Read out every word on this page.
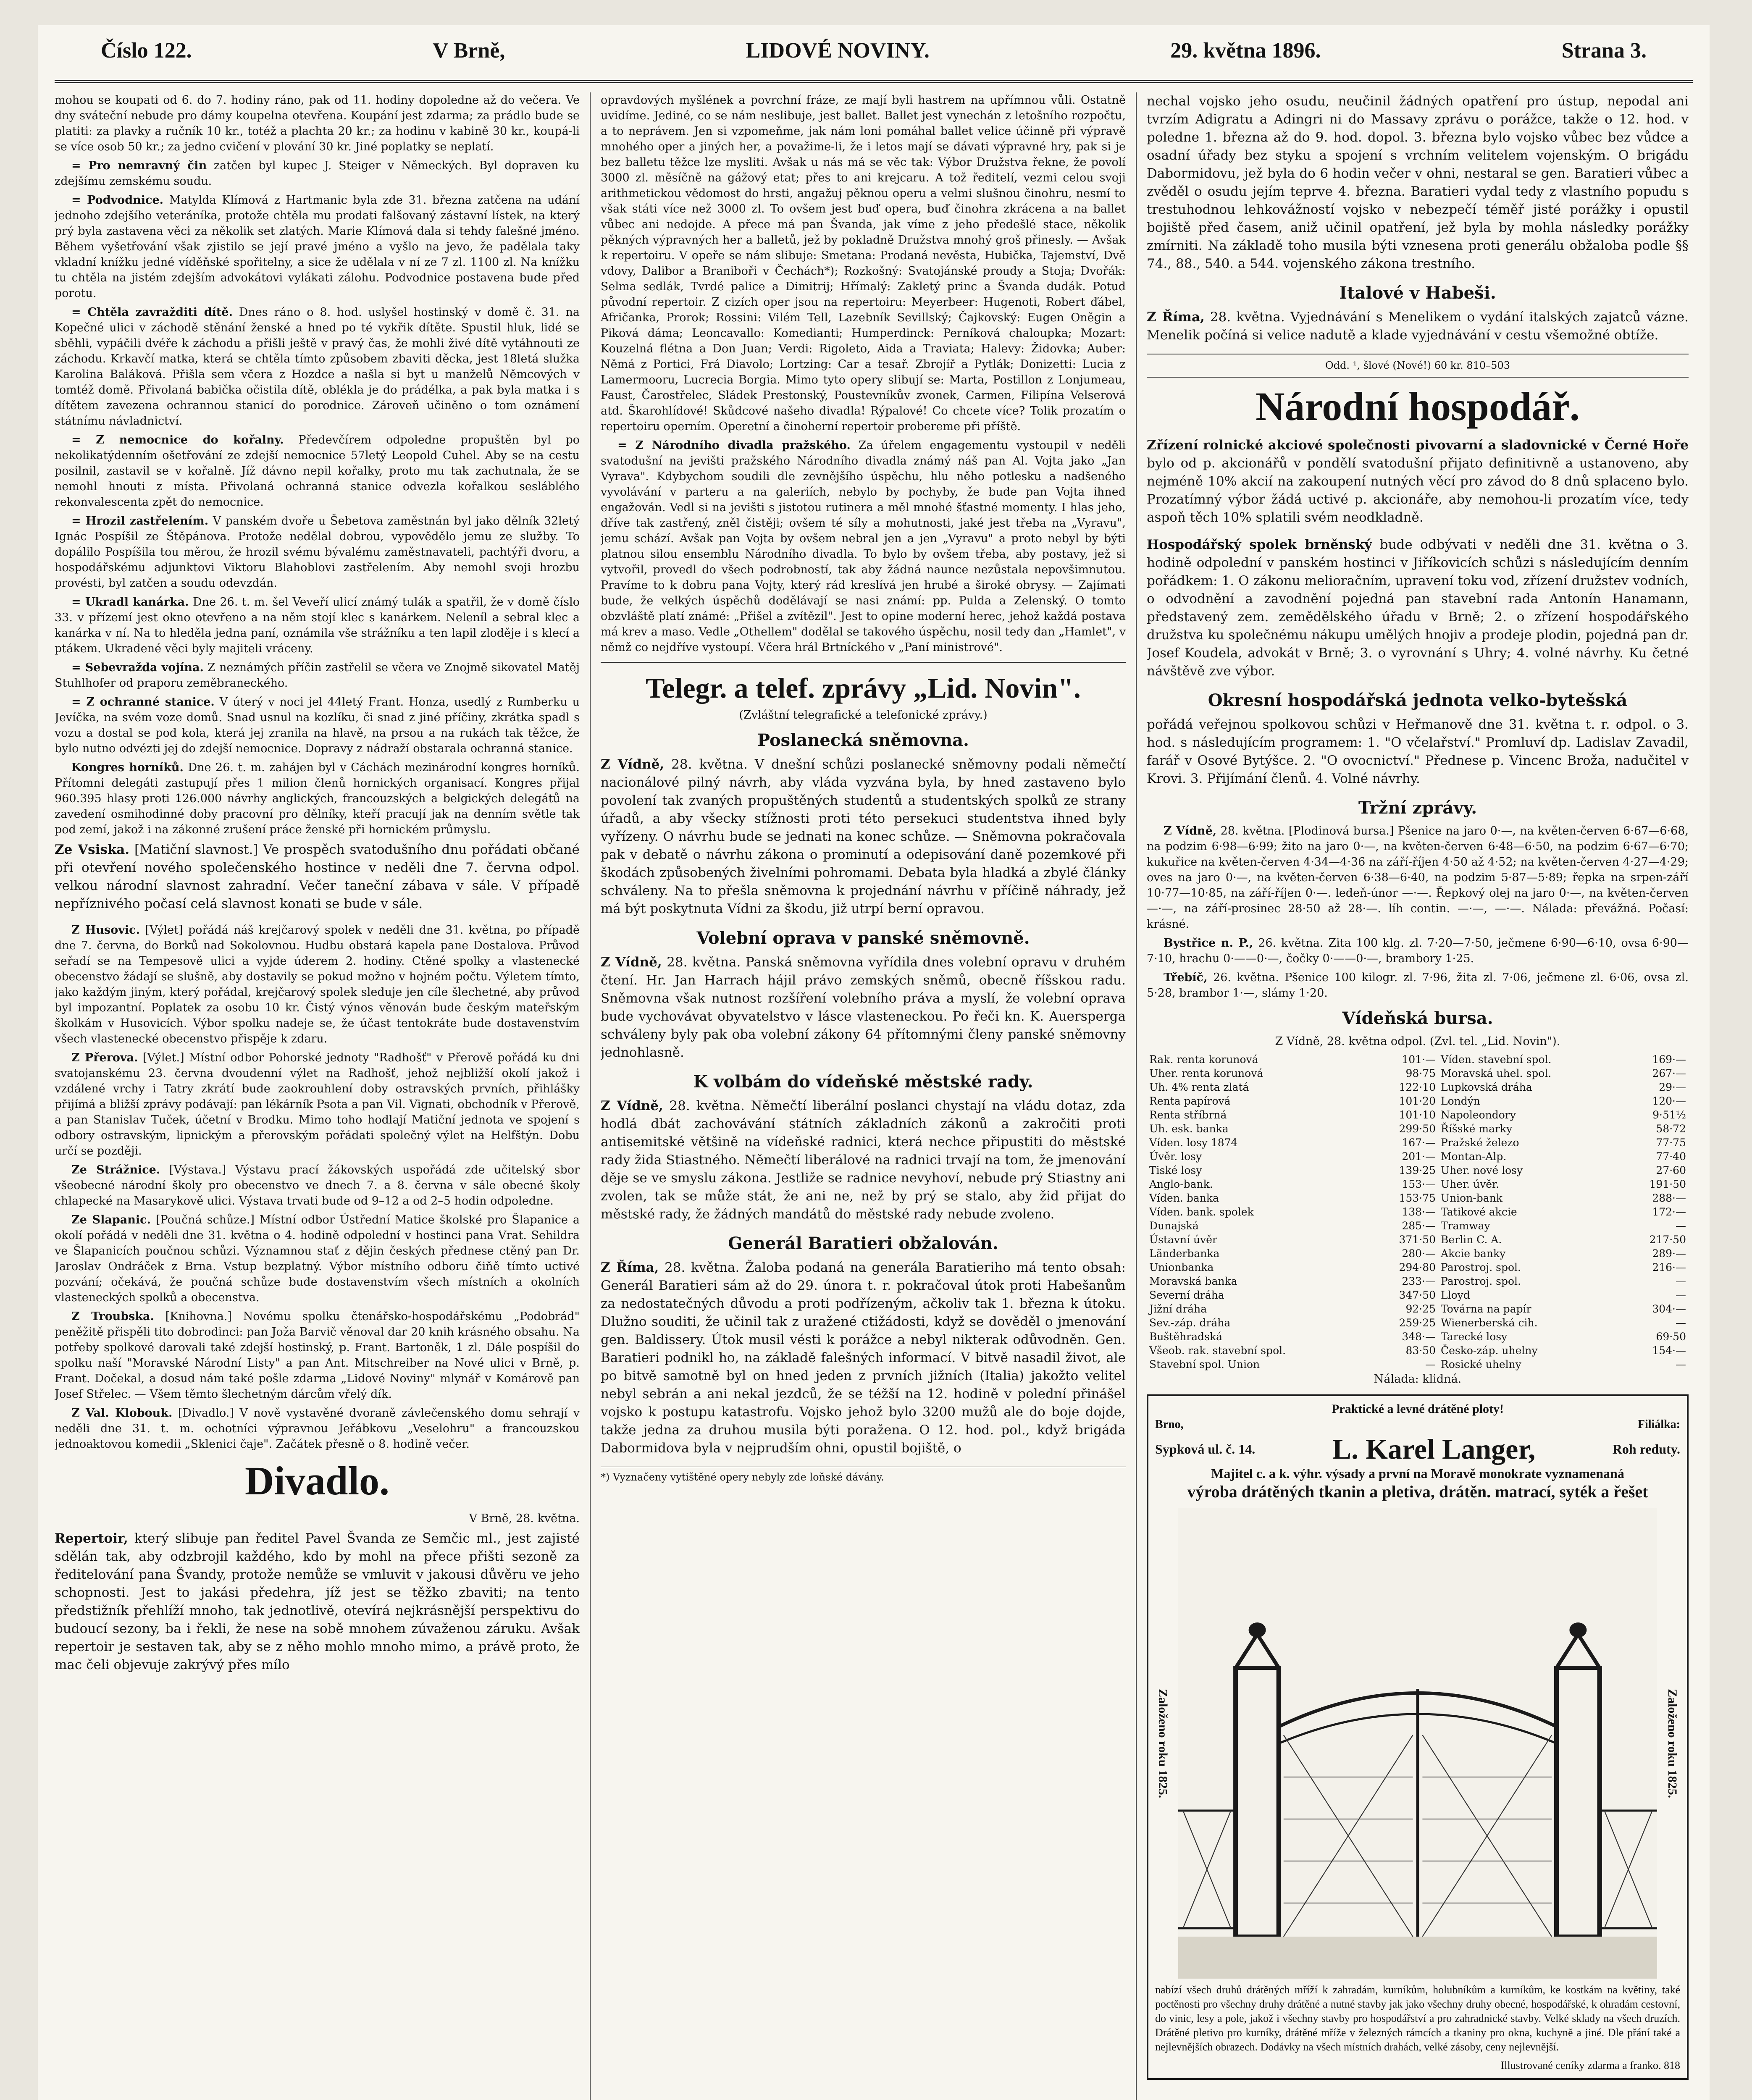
Číslo 122.	V Brně,	LIDOVÉ NOVINY.	29. května 1896.	Strana 3.

mohou se koupati od 6. do 7. hodiny ráno, pak od 11. hodiny dopoledne až do večera. Ve dny sváteční nebude pro dámy koupelna otevřena. Koupání jest zdarma; za prádlo bude se platiti: za plavky a ručník 10 kr., totéž a plachta 20 kr.; za hodinu v kabině 30 kr., koupá-li se více osob 50 kr.; za jedno cvičení v plování 30 kr. Jiné poplatky se neplatí.

= Pro nemravný čin zatčen byl kupec J. Steiger v Německých. Byl dopraven ku zdejšímu zemskému soudu.

= Podvodnice. Matylda Klímová z Hartmanic byla zde 31. března zatčena na udání jednoho zdejšího veteráníka, protože chtěla mu prodati falšovaný zástavní lístek, na který prý byla zastavena věci za několik set zlatých. Marie Klímová dala si tehdy falešné jméno. Během vyšetřování však zjistilo se její pravé jméno a vyšlo na jevo, že padělala taky vkladní knížku jedné víděňské spořitelny, a sice že udělala v ní ze 7 zl. 1100 zl. Na knížku tu chtěla na jistém zdejším advokátovi vylákati zálohu. Podvodnice postavena bude před porotu.

= Chtěla zavražditi dítě. Dnes ráno o 8. hod. uslyšel hostinský v domě č. 31. na Kopečné ulici v záchodě stěnání ženské a hned po té vykřik dítěte. Spustil hluk, lidé se sběhli, vypáčili dvéře k záchodu a přišli ještě v pravý čas, že mohli živé dítě vytáhnouti ze záchodu. Krkavčí matka, která se chtěla tímto způsobem zbaviti děcka, jest 18letá služka Karolina Baláková. Přišla sem včera z Hozdce a našla si byt u manželů Němcových v tomtéž domě. Přivolaná babička očistila dítě, oblékla je do prádélka, a pak byla matka i s dítětem zavezena ochrannou stanicí do porodnice. Zároveň učiněno o tom oznámení státnímu návladnictví.

= Z nemocnice do kořalny. Předevčírem odpoledne propuštěn byl po nekolikatýdenním ošetřování ze zdejší nemocnice 57letý Leopold Cuhel. Aby se na cestu posilnil, zastavil se v kořalně. Jíž dávno nepil kořalky, proto mu tak zachutnala, že se nemohl hnouti z místa. Přivolaná ochranná stanice odvezla kořalkou sesláblého rekonvalescenta zpět do nemocnice.

= Hrozil zastřelením. V panském dvoře u Šebetova zaměstnán byl jako dělník 32letý Ignác Pospíšil ze Štěpánova. Protože nedělal dobrou, vypovědělo jemu ze služby. To dopálilo Pospíšila tou měrou, že hrozil svému bývalému zaměstnavateli, pachtýři dvoru, a hospodářskému adjunktovi Viktoru Blahoblovi zastřelením. Aby nemohl svoji hrozbu provésti, byl zatčen a soudu odevzdán.

= Ukradl kanárka. Dne 26. t. m. šel Veveří ulicí známý tulák a spatřil, že v domě číslo 33. v přízemí jest okno otevřeno a na něm stojí klec s kanárkem. Neleníl a sebral klec a kanárka v ní. Na to hleděla jedna paní, oznámila vše strážníku a ten lapil zloděje i s klecí a ptákem. Ukradené věci byly majiteli vráceny.

= Sebevražda vojína. Z neznámých příčin zastřelil se včera ve Znojmě sikovatel Matěj Stuhlhofer od praporu zeměbraneckého.

= Z ochranné stanice. V úterý v noci jel 44letý Frant. Honza, usedlý z Rumberku u Jevíčka, na svém voze domů. Snad usnul na kozlíku, či snad z jiné příčiny, zkrátka spadl s vozu a dostal se pod kola, která jej zranila na hlavě, na prsou a na rukách tak těžce, že bylo nutno odvézti jej do zdejší nemocnice. Dopravy z nádraží obstarala ochranná stanice.

Kongres horníků. Dne 26. t. m. zahájen byl v Cáchách mezinárodní kongres horníků. Přítomni delegáti zastupují přes 1 milion členů hornických organisací. Kongres přijal 960.395 hlasy proti 126.000 návrhy anglických, francouzských a belgických delegátů na zavedení osmihodinné doby pracovní pro dělníky, kteří pracují jak na denním světle tak pod zemí, jakož i na zákonné zrušení práce ženské při hornickém průmyslu.

Ze Vsiska. [Matiční slavnost.] Ve prospěch svatodušního dnu pořádati občané při otevření nového společenského hostince v neděli dne 7. června odpol. velkou národní slavnost zahradní. Večer taneční zábava v sále. V případě nepříznivého počasí celá slavnost konati se bude v sále.

Z Husovic. [Výlet] pořádá náš krejčarový spolek v neděli dne 31. května, po případě dne 7. června, do Borků nad Sokolovnou. Hudbu obstará kapela pane Dostalova. Průvod seřadí se na Tempesově ulici a vyjde úderem 2. hodiny. Ctěné spolky a vlastenecké obecenstvo žádají se slušně, aby dostavily se pokud možno v hojném počtu. Výletem tímto, jako každým jiným, který pořádal, krejčarový spolek sleduje jen cíle šlechetné, aby průvod byl impozantní. Poplatek za osobu 10 kr. Čistý výnos věnován bude českým mateřským školkám v Husovicích. Výbor spolku nadeje se, že účast tentokráte bude dostavenstvím všech vlastenecké obecenstvo přispěje k zdaru.

Z Přerova. [Výlet.] Místní odbor Pohorské jednoty "Radhošť" v Přerově pořádá ku dni svatojanskému 23. června dvoudenní výlet na Radhošť, jehož nejbližší okolí jakož i vzdálené vrchy i Tatry zkrátí bude zaokrouhlení doby ostravských prvních, přihlášky přijímá a bližší zprávy podávají: pan lékárník Psota a pan Vil. Vignati, obchodník v Přerově, a pan Stanislav Tuček, účetní v Brodku. Mimo toho hodlají Matiční jednota ve spojení s odbory ostravským, lipnickým a přerovským pořádati společný výlet na Helfštýn. Dobu určí se později.

Ze Strážnice. [Výstava.] Výstavu prací žákovských uspořádá zde učitelský sbor všeobecné národní školy pro obecenstvo ve dnech 7. a 8. června v sále obecné školy chlapecké na Masarykově ulici. Výstava trvati bude od 9–12 a od 2–5 hodin odpoledne.

Ze Slapanic. [Poučná schůze.] Místní odbor Ústřední Matice školské pro Šlapanice a okolí pořádá v neděli dne 31. května o 4. hodině odpolední v hostinci pana Vrat. Sehildra ve Šlapanicích poučnou schůzi. Významnou stať z dějin českých přednese ctěný pan Dr. Jaroslav Ondráček z Brna. Vstup bezplatný. Výbor místního odboru čiňě tímto uctivé pozvání; očekává, že poučná schůze bude dostavenstvím všech místních a okolních vlasteneckých spolků a obecenstva.

Z Troubska. [Knihovna.] Novému spolku čtenářsko-hospodářskému „Podobrád" peněžitě přispěli tito dobrodinci: pan Joža Barvič věnoval dar 20 knih krásného obsahu. Na potřeby spolkové darovali také zdejší hostinský, p. Frant. Bartoněk, 1 zl. Dále pospíšil do spolku naší "Moravské Národní Listy" a pan Ant. Mitschreiber na Nové ulici v Brně, p. Frant. Dočekal, a dosud nám také pošle zdarma „Lidové Noviny" mlynář v Komárově pan Josef Střelec. — Všem těmto šlechetným dárcům vřelý dík.

Z Val. Klobouk. [Divadlo.] V nově vystavěné dvoraně závlečenského domu sehrají v neděli dne 31. t. m. ochotníci výpravnou Jeřábkovu „Veselohru" a francouzskou jednoaktovou komedii „Sklenici čaje". Začátek přesně o 8. hodině večer.

Divadlo.

V Brně, 28. května.

Repertoir, který slibuje pan ředitel Pavel Švanda ze Semčic ml., jest zajisté sdělán tak, aby odzbrojil každého, kdo by mohl na přece přišti sezoně za ředitelování pana Švandy, protože nemůže se vmluvit v jakousi důvěru ve jeho schopnosti. Jest to jakási předehra, jíž jest se těžko zbaviti; na tento předstižník přehlíží mnoho, tak jednotlivě, otevírá nejkrásnější perspektivu do budoucí sezony, ba i řekli, že nese na sobě mnohem zúvaženou záruku. Avšak repertoir je sestaven tak, aby se z něho mohlo mnoho mimo, a právě proto, že mac čeli objevuje zakrývý přes mílo

opravdových myšlének a povrchní fráze, ze mají byli hastrem na upřímnou vůli. Ostatně uvidíme. Jediné, co se nám neslibuje, jest ballet. Ballet jest vynechán z letošního rozpočtu, a to neprávem. Jen si vzpomeňme, jak nám loni pomáhal ballet velice účinně při výpravě mnohého oper a jiných her, a považime-li, že i letos mají se dávati výpravné hry, pak si je bez balletu těžce lze mysliti. Avšak u nás má se věc tak: Výbor Družstva řekne, že povolí 3000 zl. měsíčně na gážový etat; přes to ani krejcaru. A tož ředitelí, vezmi celou svoji arithmetickou vědomost do hrsti, angažuj pěknou operu a velmi slušnou činohru, nesmí to však státi více než 3000 zl. To ovšem jest buď opera, buď činohra zkrácena a na ballet vůbec ani nedojde. A přece má pan Švanda, jak víme z jeho předešlé stace, několik pěkných výpravných her a balletů, jež by pokladně Družstva mnohý groš přinesly. — Avšak k repertoiru. V opeře se nám slibuje: Smetana: Prodaná nevěsta, Hubička, Tajemství, Dvě vdovy, Dalibor a Braniboři v Čechách*); Rozkošný: Svatojánské proudy a Stoja; Dvořák: Selma sedlák, Tvrdé palice a Dimitrij; Hřímalý: Zakletý princ a Švanda dudák. Potud původní repertoir. Z cizích oper jsou na repertoiru: Meyerbeer: Hugenoti, Robert ďábel, Afričanka, Prorok; Rossini: Vilém Tell, Lazebník Sevillský; Čajkovský: Eugen Oněgin a Piková dáma; Leoncavallo: Komedianti; Humperdinck: Perníková chaloupka; Mozart: Kouzelná flétna a Don Juan; Verdi: Rigoleto, Aida a Traviata; Halevy: Židovka; Auber: Němá z Portici, Frá Diavolo; Lortzing: Car a tesař. Zbrojíř a Pytlák; Donizetti: Lucia z Lamermooru, Lucrecia Borgia. Mimo tyto opery slibují se: Marta, Postillon z Lonjumeau, Faust, Čarostřelec, Sládek Prestonský, Poustevníkův zvonek, Carmen, Filipína Velserová atd. Škarohlídové! Skůdcové našeho divadla! Rýpalové! Co chcete více? Tolik prozatím o repertoiru operním. Operetní a činoherní repertoir probereme při příště.

= Z Národního divadla pražského. Za úřelem engagementu vystoupil v neděli svatodušní na jevišti pražského Národního divadla známý náš pan Al. Vojta jako „Jan Vyrava". Kdybychom soudili dle zevnějšího úspěchu, hlu něho potlesku a nadšeného vyvolávání v parteru a na galeriích, nebylo by pochyby, že bude pan Vojta ihned engažován. Vedl si na jevišti s jistotou rutinera a měl mnohé šťastné momenty. I hlas jeho, dříve tak zastřený, zněl čistěji; ovšem té síly a mohutnosti, jaké jest třeba na „Vyravu", jemu schází. Avšak pan Vojta by ovšem nebral jen a jen „Vyravu" a proto nebyl by býti platnou silou ensemblu Národního divadla. To bylo by ovšem třeba, aby postavy, jež si vytvořil, provedl do všech podrobností, tak aby žádná naunce nezůstala nepovšimnutou. Pravíme to k dobru pana Vojty, který rád kreslívá jen hrubé a široké obrysy. — Zajímati bude, že velkých úspěchů dodělávají se nasi známí: pp. Pulda a Zelenský. O tomto obzvláště platí známé: „Přišel a zvítězil". Jest to opine moderní herec, jehož každá postava má krev a maso. Vedle „Othellem" dodělal se takového úspěchu, nosil tedy dan „Hamlet", v němž co nejdříve vystoupí. Včera hrál Brtníckého v „Paní ministrové".

Telegr. a telef. zprávy „Lid. Novin".
(Zvláštní telegrafické a telefonické zprávy.)
Poslanecká sněmovna.

Z Vídně, 28. května. V dnešní schůzi poslanecké sněmovny podali němečtí nacionálové pilný návrh, aby vláda vyzvána byla, by hned zastaveno bylo povolení tak zvaných propuštěných studentů a studentských spolků ze strany úřadů, a aby všecky stížnosti proti této persekuci studentstva ihned byly vyřízeny. O návrhu bude se jednati na konec schůze. — Sněmovna pokračovala pak v debatě o návrhu zákona o prominutí a odepisování daně pozemkové při škodách způsobených živelními pohromami. Debata byla hladká a zbylé články schváleny. Na to přešla sněmovna k projednání návrhu v příčině náhrady, jež má být poskytnuta Vídni za škodu, již utrpí berní opravou.

Volební oprava v panské sněmovně.

Z Vídně, 28. května. Panská sněmovna vyřídila dnes volební opravu v druhém čtení. Hr. Jan Harrach hájil právo zemských sněmů, obecně říšskou radu. Sněmovna však nutnost rozšíření volebního práva a myslí, že volební oprava bude vychovávat obyvatelstvo v lásce vlasteneckou. Po řeči kn. K. Auersperga schváleny byly pak oba volební zákony 64 přítomnými členy panské sněmovny jednohlasně.

K volbám do vídeňské městské rady.

Z Vídně, 28. května. Němečtí liberální poslanci chystají na vládu dotaz, zda hodlá dbát zachovávání státních základních zákonů a zakročiti proti antisemitské většině na vídeňské radnici, která nechce připustiti do městské rady žida Stiastného. Němečtí liberálové na radnici trvají na tom, že jmenování děje se ve smyslu zákona. Jestliže se radnice nevyhoví, nebude prý Stiastny ani zvolen, tak se může stát, že ani ne, než by prý se stalo, aby žid přijat do městské rady, že žádných mandátů do městské rady nebude zvoleno.

Generál Baratieri obžalován.

Z Říma, 28. května. Žaloba podaná na generála Baratieriho má tento obsah: Generál Baratieri sám až do 29. února t. r. pokračoval útok proti Habešanům za nedostatečných důvodu a proti podřízeným, ačkoliv tak 1. března k útoku. Dlužno souditi, že učinil tak z uražené ctižádosti, když se dověděl o jmenování gen. Baldissery. Útok musil vésti k porážce a nebyl nikterak odůvodněn. Gen. Baratieri podnikl ho, na základě falešných informací. V bitvě nasadil život, ale po bitvě samotně byl on hned jeden z prvních jižních (Italia) jakožto velitel nebyl sebrán a ani nekal jezdců, že se téžší na 12. hodině v polední přinášel vojsko k postupu katastrofu. Vojsko jehož bylo 3200 mužů ale do boje dojde, takže jedna za druhou musila býti poražena. O 12. hod. pol., když brigáda Dabormidova byla v nejprudším ohni, opustil bojiště, o

*) Vyznačeny vytištěné opery nebyly zde loňské dávány.

nechal vojsko jeho osudu, neučinil žádných opatření pro ústup, nepodal ani tvrzím Adigratu a Adingri ni do Massavy zprávu o porážce, takže o 12. hod. v poledne 1. března až do 9. hod. dopol. 3. března bylo vojsko vůbec bez vůdce a osadní úřady bez styku a spojení s vrchním velitelem vojenským. O brigádu Dabormidovu, jež byla do 6 hodin večer v ohni, nestaral se gen. Baratieri vůbec a zvěděl o osudu jejím teprve 4. března. Baratieri vydal tedy z vlastního popudu s trestuhodnou lehkovážností vojsko v nebezpečí téměř jisté porážky i opustil bojiště před časem, aniž učinil opatření, jež byla by mohla následky porážky zmírniti. Na základě toho musila býti vznesena proti generálu obžaloba podle §§ 74., 88., 540. a 544. vojenského zákona trestního.

Italové v Habeši.

Z Říma, 28. května. Vyjednávání s Menelikem o vydání italských zajatců vázne. Menelik počíná si velice nadutě a klade vyjednávání v cestu všemožné obtíže.

Odd. ¹, šlové (Nové!) 60 kr. 810–503
Národní hospodář.

Zřízení rolnické akciové společnosti pivovarní a sladovnické v Černé Hoře bylo od p. akcionářů v pondělí svatodušní přijato definitivně a ustanoveno, aby nejméně 10% akcií na zakoupení nutných věcí pro závod do 8 dnů splaceno bylo. Prozatímný výbor žádá uctivé p. akcionáře, aby nemohou-li prozatím více, tedy aspoň těch 10% splatili svém neodkladně.

Hospodářský spolek brněnský bude odbývati v neděli dne 31. května o 3. hodině odpolední v panském hostinci v Jiříkovicích schůzi s následujícím denním pořádkem: 1. O zákonu melioračním, upravení toku vod, zřízení družstev vodních, o odvodnění a zavodnění pojedná pan stavební rada Antonín Hanamann, představený zem. zemědělského úřadu v Brně; 2. o zřízení hospodářského družstva ku společnému nákupu umělých hnojiv a prodeje plodin, pojedná pan dr. Josef Koudela, advokát v Brně; 3. o vyrovnání s Uhry; 4. volné návrhy. Ku četné návštěvě zve výbor.

Okresní hospodářská jednota velko-bytešská

pořádá veřejnou spolkovou schůzi v Heřmanově dne 31. května t. r. odpol. o 3. hod. s následujícím programem: 1. "O včelařství." Promluví dp. Ladislav Zavadil, farář v Osové Bytýšce. 2. "O ovocnictví." Přednese p. Vincenc Broža, nadučitel v Krovi. 3. Přijímání členů. 4. Volné návrhy.

Tržní zprávy.

Z Vídně, 28. května. [Plodinová bursa.] Pšenice na jaro 0·—, na květen-červen 6·67—6·68, na podzim 6·98—6·99; žito na jaro 0·—, na květen-červen 6·48—6·50, na podzim 6·67—6·70; kukuřice na květen-červen 4·34—4·36 na září-říjen 4·50 až 4·52; na květen-červen 4·27—4·29; oves na jaro 0·—, na květen-červen 6·38—6·40, na podzim 5·87—5·89; řepka na srpen-září 10·77—10·85, na září-říjen 0·—. ledeň-únor —·—. Řepkový olej na jaro 0·—, na květen-červen —·—, na září-prosinec 28·50 až 28·—. líh contin. —·—, —·—. Nálada: převážná. Počasí: krásné.

Bystřice n. P., 26. května. Zita 100 klg. zl. 7·20—7·50, ječmene 6·90—6·10, ovsa 6·90—7·10, hrachu 0·——0·—, čočky 0·——0·—, brambory 1·25.

Třebíč, 26. května. Pšenice 100 kilogr. zl. 7·96, žita zl. 7·06, ječmene zl. 6·06, ovsa zl. 5·28, brambor 1·—, slámy 1·20.

Vídeňská bursa.

Z Vídně, 28. května odpol. (Zvl. tel. „Lid. Novin").

Rak. renta korunová	101·—	Víden. stavební spol.	169·—
Uher. renta korunová	98·75	Moravská uhel. spol.	267·—
Uh. 4% renta zlatá	122·10	Lupkovská dráha	29·—
Renta papírová	101·20	Londýn	120·—
Renta stříbrná	101·10	Napoleondory	9·51½
Uh. esk. banka	299·50	Říšské marky	58·72
Víden. losy 1874	167·—	Pražské železo	77·75
Úvěr. losy	201·—	Montan-Alp.	77·40
Tiské losy	139·25	Uher. nové losy	27·60
Anglo-bank.	153·—	Uher. úvěr.	191·50
Víden. banka	153·75	Union-bank	288·—
Víden. bank. spolek	138·—	Tatikové akcie	172·—
Dunajská	285·—	Tramway	—
Ústavní úvěr	371·50	Berlin C. A.	217·50
Länderbanka	280·—	Akcie banky	289·—
Unionbanka	294·80	Parostroj. spol.	216·—
Moravská banka	233·—	Parostroj. spol.	—
Severní dráha	347·50	Lloyd	—
Jižní dráha	92·25	Továrna na papír	304·—
Sev.-záp. dráha	259·25	Wienerberská cih.	—
Buštěhradská	348·—	Tarecké losy	69·50
Všeob. rak. stavební spol.	83·50	Česko-záp. uhelny	154·—
Stavební spol. Union	—	Rosické uhelny	—

Nálada: klidná.

Praktické a levné drátěné ploty!
Brno,	Filiálka:
Sypková ul. č. 14.	L. Karel Langer,	Roh reduty.
Majitel c. a k. výhr. výsady a první na Moravě monokrate vyznamenaná
výroba drátěných tkanin a pletiva, drátěn. matrací, syték a řešet
Založeno roku 1825.	Založeno roku 1825.
nabízí všech druhů drátěných mříží k zahradám, kurníkům, holubníkům a kurníkům, ke kostkám na květiny, také poctěnosti pro všechny druhy drátěné a nutné stavby jak jako všechny druhy obecné, hospodářské, k ohradám cestovní, do vinic, lesy a pole, jakož i všechny stavby pro hospodářství a pro zahradnické stavby. Velké sklady na všech druzích. Drátěné pletivo pro kurníky, drátěné mříže v železných rámcích a tkaniny pro okna, kuchyně a jiné. Dle přání také a nejlevnějších obrazech. Dodávky na všech místních drahách, velké zásoby, ceny nejlevnější.
Illustrované ceníky zdarma a franko. 818
